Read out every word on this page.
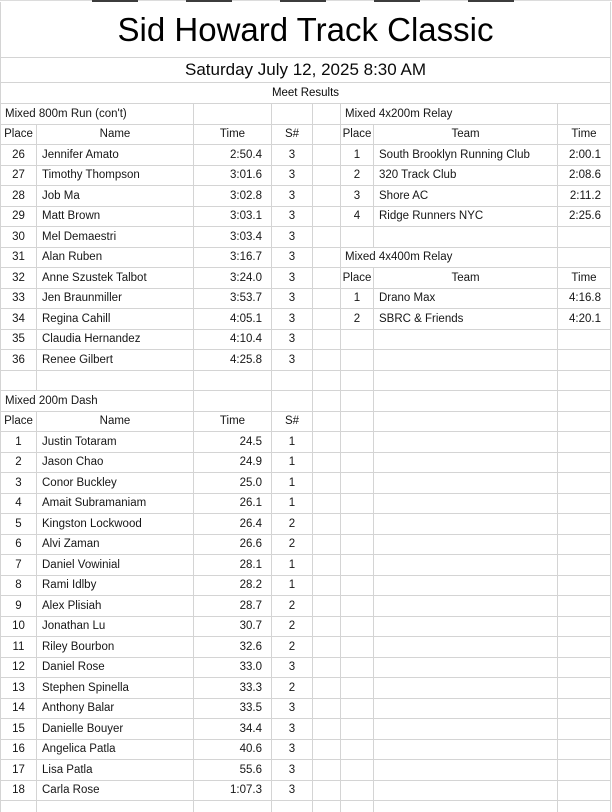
Sid Howard Track Classic
Saturday July 12, 2025 8:30 AM
Meet Results
Mixed 800m Run (con't)
Place	Name	Time	S#
26	Jennifer Amato	2:50.4	3
27	Timothy Thompson	3:01.6	3
28	Job Ma	3:02.8	3
29	Matt Brown	3:03.1	3
30	Mel Demaestri	3:03.4	3
31	Alan Ruben	3:16.7	3
32	Anne Szustek Talbot	3:24.0	3
33	Jen Braunmiller	3:53.7	3
34	Regina Cahill	4:05.1	3
35	Claudia Hernandez	4:10.4	3
36	Renee Gilbert	4:25.8	3
Mixed 200m Dash
Place	Name	Time	S#
1	Justin Totaram	24.5	1
2	Jason Chao	24.9	1
3	Conor Buckley	25.0	1
4	Amait Subramaniam	26.1	1
5	Kingston Lockwood	26.4	2
6	Alvi Zaman	26.6	2
7	Daniel Vowinial	28.1	1
8	Rami Idlby	28.2	1
9	Alex Plisiah	28.7	2
10	Jonathan Lu	30.7	2
11	Riley Bourbon	32.6	2
12	Daniel Rose	33.0	3
13	Stephen Spinella	33.3	2
14	Anthony Balar	33.5	3
15	Danielle Bouyer	34.4	3
16	Angelica Patla	40.6	3
17	Lisa Patla	55.6	3
18	Carla Rose	1:07.3	3
Mixed 4x200m Relay
Place	Team	Time
1	South Brooklyn Running Club	2:00.1
2	320 Track Club	2:08.6
3	Shore AC	2:11.2
4	Ridge Runners NYC	2:25.6
Mixed 4x400m Relay
Place	Team	Time
1	Drano Max	4:16.8
2	SBRC & Friends	4:20.1
